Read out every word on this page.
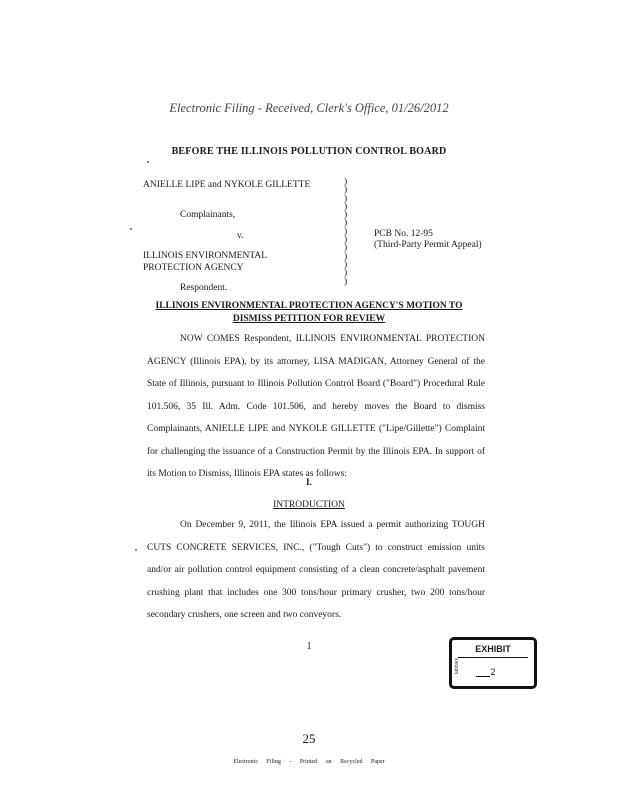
Electronic Filing - Received, Clerk's Office, 01/26/2012
BEFORE THE ILLINOIS POLLUTION CONTROL BOARD
ANIELLE LIPE and NYKOLE GILLETTE
Complainants,
v.
ILLINOIS ENVIRONMENTAL
PROTECTION AGENCY
Respondent.
)
)
)
)
)
)
)
)
)
)
)
)
)
PCB No. 12-95
(Third-Party Permit Appeal)
ILLINOIS ENVIRONMENTAL PROTECTION AGENCY'S MOTION TO
DISMISS PETITION FOR REVIEW
NOW COMES Respondent, ILLINOIS ENVIRONMENTAL PROTECTION AGENCY (Illinois EPA), by its attorney, LISA MADIGAN, Attorney General of the State of Illinois, pursuant to Illinois Pollution Control Board ("Board") Procedural Rule 101.506, 35 Ill. Adm. Code 101.506, and hereby moves the Board to dismiss Complainants, ANIELLE LIPE and NYKOLE GILLETTE ("Lipe/Gillette") Complaint for challenging the issuance of a Construction Permit by the Illinois EPA. In support of its Motion to Dismiss, Illinois EPA states as follows:
I.
INTRODUCTION
On December 9, 2011, the Illinois EPA issued a permit authorizing TOUGH CUTS CONCRETE SERVICES, INC., ("Tough Cuts") to construct emission units and/or air pollution control equipment consisting of a clean concrete/asphalt pavement crushing plant that includes one 300 tons/hour primary crusher, two 200 tons/hour secondary crushers, one screen and two conveyors.
1	EXHIBIT
tabbies	2
25
Electronic Filing - Printed on Recycled Paper
